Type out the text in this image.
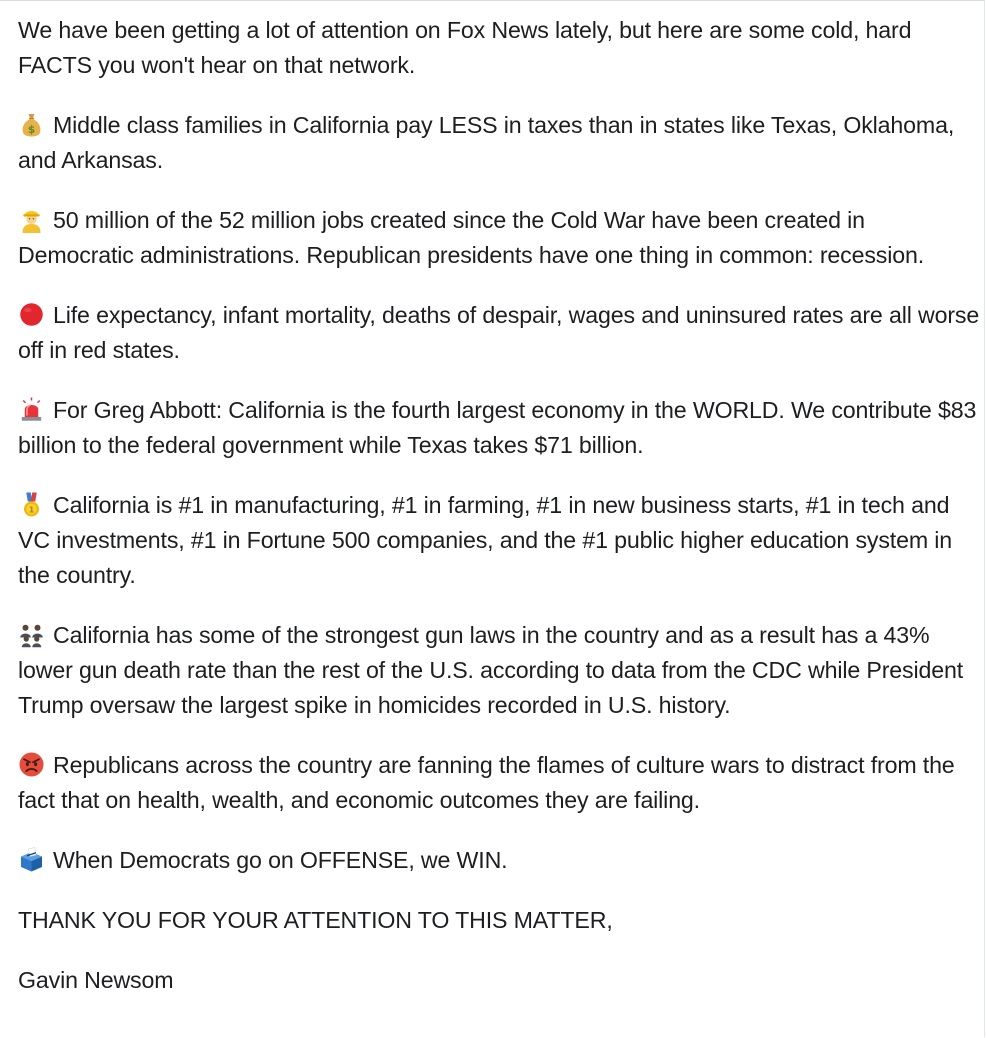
We have been getting a lot of attention on Fox News lately, but here are some cold, hard FACTS you won't hear on that network.

$ Middle class families in California pay LESS in taxes than in states like Texas, Oklahoma, and Arkansas.

50 million of the 52 million jobs created since the Cold War have been created in Democratic administrations. Republican presidents have one thing in common: recession.

Life expectancy, infant mortality, deaths of despair, wages and uninsured rates are all worse off in red states.

For Greg Abbott: California is the fourth largest economy in the WORLD. We contribute $83 billion to the federal government while Texas takes $71 billion.

1 California is #1 in manufacturing, #1 in farming, #1 in new business starts, #1 in tech and VC investments, #1 in Fortune 500 companies, and the #1 public higher education system in the country.

California has some of the strongest gun laws in the country and as a result has a 43% lower gun death rate than the rest of the U.S. according to data from the CDC while President Trump oversaw the largest spike in homicides recorded in U.S. history.

Republicans across the country are fanning the flames of culture wars to distract from the fact that on health, wealth, and economic outcomes they are failing.

When Democrats go on OFFENSE, we WIN.

THANK YOU FOR YOUR ATTENTION TO THIS MATTER,

Gavin Newsom
